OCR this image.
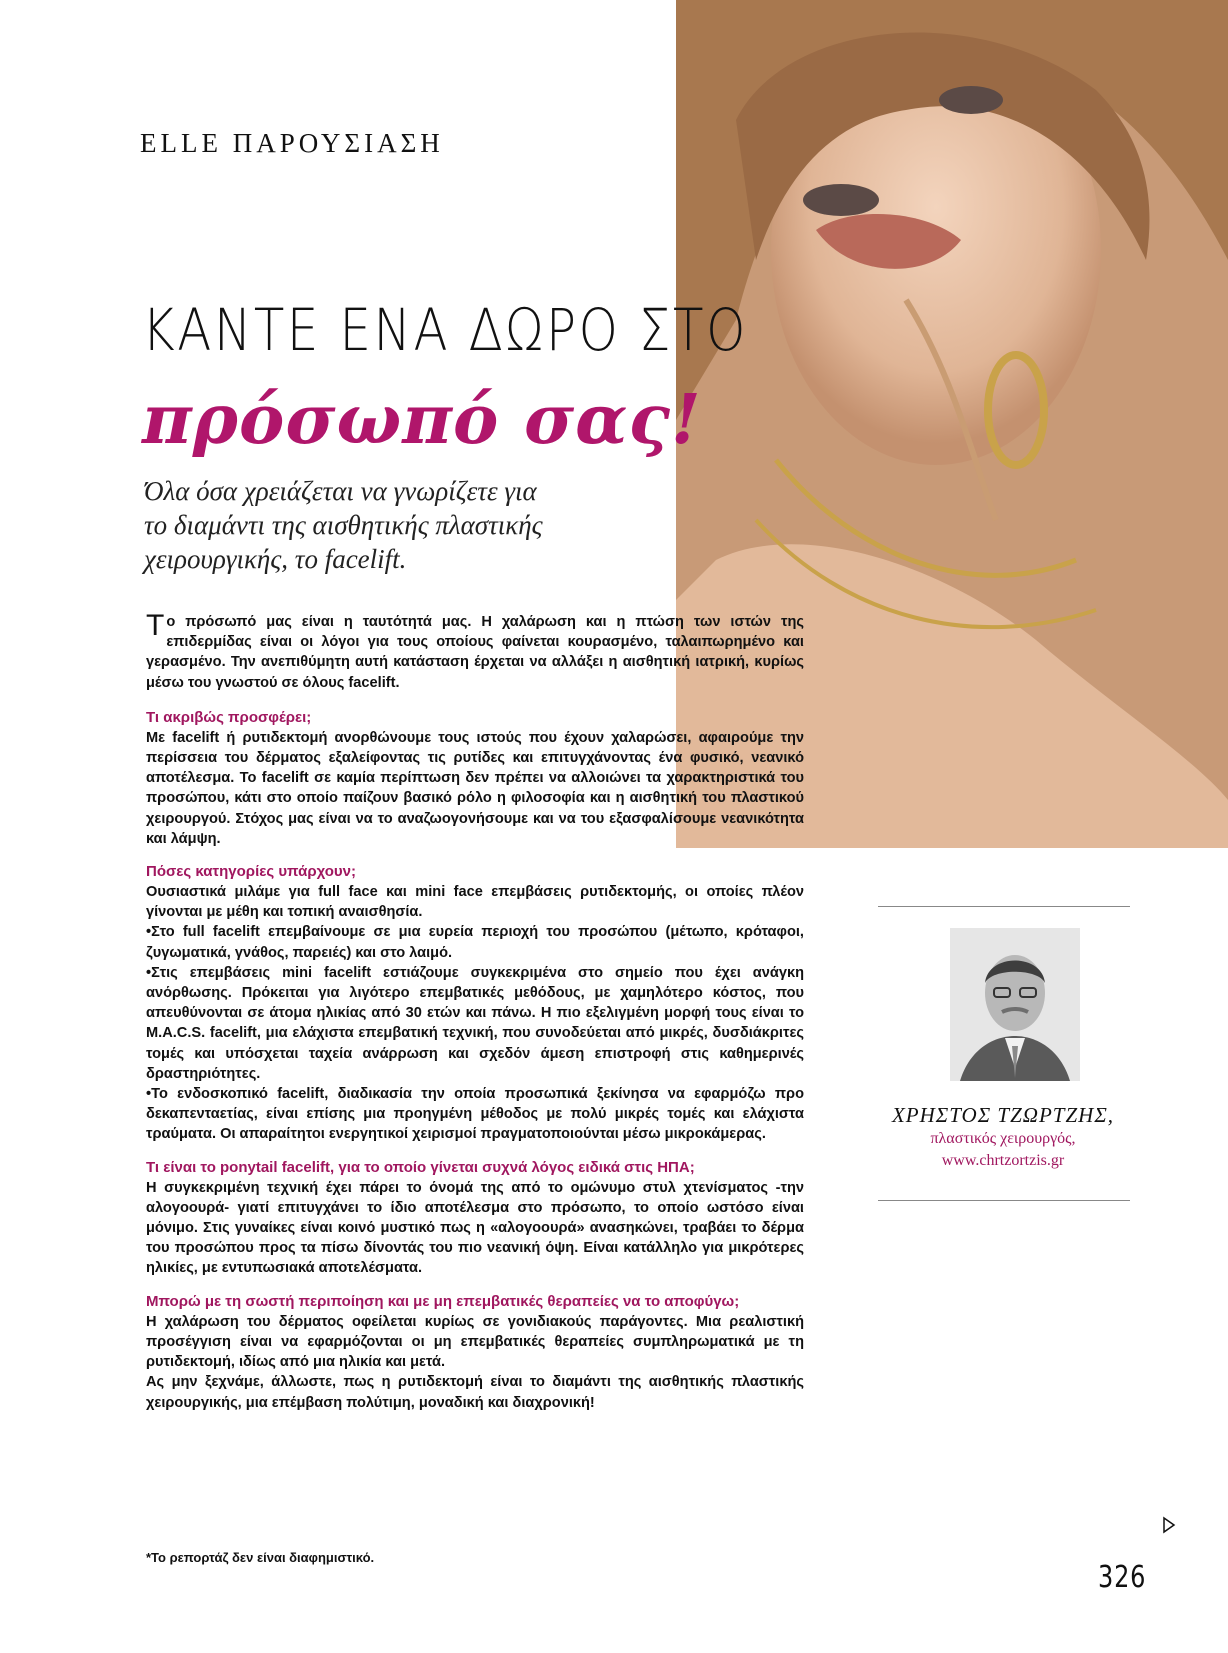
ELLE ΠΑΡΟΥΣΙΑΣΗ
ΚΑΝΤΕ ΕΝΑ ΔΩΡΟ ΣΤΟ
πρόσωπό σας!
Όλα όσα χρειάζεται να γνωρίζετε για
το διαμάντι της αισθητικής πλαστικής
χειρουργικής, το facelift.

Το πρόσωπό μας είναι η ταυτότητά μας. Η χαλάρωση και η πτώση των ιστών της επιδερμίδας είναι οι λόγοι για τους οποίους φαίνεται κουρασμένο, ταλαιπωρημένο και γερασμένο. Την ανεπιθύμητη αυτή κατάσταση έρχεται να αλλάξει η αισθητική ιατρική, κυρίως μέσω του γνωστού σε όλους facelift.

Τι ακριβώς προσφέρει;

Με facelift ή ρυτιδεκτομή ανορθώνουμε τους ιστούς που έχουν χαλαρώσει, αφαιρούμε την περίσσεια του δέρματος εξαλείφοντας τις ρυτίδες και επιτυγχάνοντας ένα φυσικό, νεανικό αποτέλεσμα. Το facelift σε καμία περίπτωση δεν πρέπει να αλλοιώνει τα χαρακτηριστικά του προσώπου, κάτι στο οποίο παίζουν βασικό ρόλο η φιλοσοφία και η αισθητική του πλαστικού χειρουργού. Στόχος μας είναι να το αναζωογονήσουμε και να του εξασφαλίσουμε νεανικότητα και λάμψη.

Πόσες κατηγορίες υπάρχουν;

Ουσιαστικά μιλάμε για full face και mini face επεμβάσεις ρυτιδεκτομής, οι οποίες πλέον γίνονται με μέθη και τοπική αναισθησία.

•Στο full facelift επεμβαίνουμε σε μια ευρεία περιοχή του προσώπου (μέτωπο, κρόταφοι, ζυγωματικά, γνάθος, παρειές) και στο λαιμό.

•Στις επεμβάσεις mini facelift εστιάζουμε συγκεκριμένα στο σημείο που έχει ανάγκη ανόρθωσης. Πρόκειται για λιγότερο επεμβατικές μεθόδους, με χαμηλότερο κόστος, που απευθύνονται σε άτομα ηλικίας από 30 ετών και πάνω. Η πιο εξελιγμένη μορφή τους είναι το M.A.C.S. facelift, μια ελάχιστα επεμβατική τεχνική, που συνοδεύεται από μικρές, δυσδιάκριτες τομές και υπόσχεται ταχεία ανάρρωση και σχεδόν άμεση επιστροφή στις καθημερινές δραστηριότητες.

•Το ενδοσκοπικό facelift, διαδικασία την οποία προσωπικά ξεκίνησα να εφαρμόζω προ δεκαπενταετίας, είναι επίσης μια προηγμένη μέθοδος με πολύ μικρές τομές και ελάχιστα τραύματα. Οι απαραίτητοι ενεργητικοί χειρισμοί πραγματοποιούνται μέσω μικροκάμερας.

Τι είναι το ponytail facelift, για το οποίο γίνεται συχνά λόγος ειδικά στις ΗΠΑ;

Η συγκεκριμένη τεχνική έχει πάρει το όνομά της από το ομώνυμο στυλ χτενίσματος -την αλογοουρά- γιατί επιτυγχάνει το ίδιο αποτέλεσμα στο πρόσωπο, το οποίο ωστόσο είναι μόνιμο. Στις γυναίκες είναι κοινό μυστικό πως η «αλογοουρά» ανασηκώνει, τραβάει το δέρμα του προσώπου προς τα πίσω δίνοντάς του πιο νεανική όψη. Είναι κατάλληλο για μικρότερες ηλικίες, με εντυπωσιακά αποτελέσματα.

Μπορώ με τη σωστή περιποίηση και με μη επεμβατικές θεραπείες να το αποφύγω;

Η χαλάρωση του δέρματος οφείλεται κυρίως σε γονιδιακούς παράγοντες. Μια ρεαλιστική προσέγγιση είναι να εφαρμόζονται οι μη επεμβατικές θεραπείες συμπληρωματικά με τη ρυτιδεκτομή, ιδίως από μια ηλικία και μετά.

Ας μην ξεχνάμε, άλλωστε, πως η ρυτιδεκτομή είναι το διαμάντι της αισθητικής πλαστικής χειρουργικής, μια επέμβαση πολύτιμη, μοναδική και διαχρονική!

*Το ρεπορτάζ δεν είναι διαφημιστικό.
ΧΡΗΣΤΟΣ ΤΖΩΡΤΖΗΣ,
πλαστικός χειρουργός,
www.chrtzortzis.gr
326
